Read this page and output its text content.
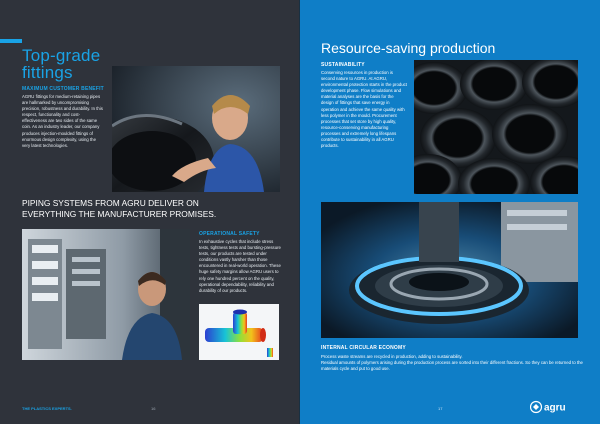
Top-grade
fittings
MAXIMUM CUSTOMER BENEFIT

AGRU fittings for medium-retaining pipes are hallmarked by uncompromising precision, robustness and durability. In this respect, functionality and cost-effectiveness are two sides of the same coin. As an industry leader, our company produces injection-moulded fittings of enormous design complexity, using the very latest technologies.

PIPING SYSTEMS FROM AGRU DELIVER ON EVERYTHING THE MANUFACTURER PROMISES.
OPERATIONAL SAFETY

In exhaustive cycles that include stress tests, tightness tests and bursting-pressure tests, our products are tested under conditions vastly harsher than those encountered in real-world operation. These huge safety margins allow AGRU users to rely one hundred percent on the quality, operational dependability, reliability and durability of our products.

THE PLASTICS EXPERTS.	16
Resource-saving production
SUSTAINABILITY

Conserving resources in production is second nature to AGRU. At AGRU, environmental protection starts in the product development phase. Flow simulations and material analyses are the basis for the design of fittings that save energy in operation and achieve the same quality with less polymer in the mould. Procurement processes that set store by high quality, resource-conserving manufacturing processes and extremely long lifespans contribute to sustainability in all AGRU products.

INTERNAL CIRCULAR ECONOMY

Process waste streams are recycled in production, adding to sustainability.

Residual amounts of polymers arising during the production process are sorted into their different fractions. So they can be returned to the materials cycle and put to good use.

17	agru
